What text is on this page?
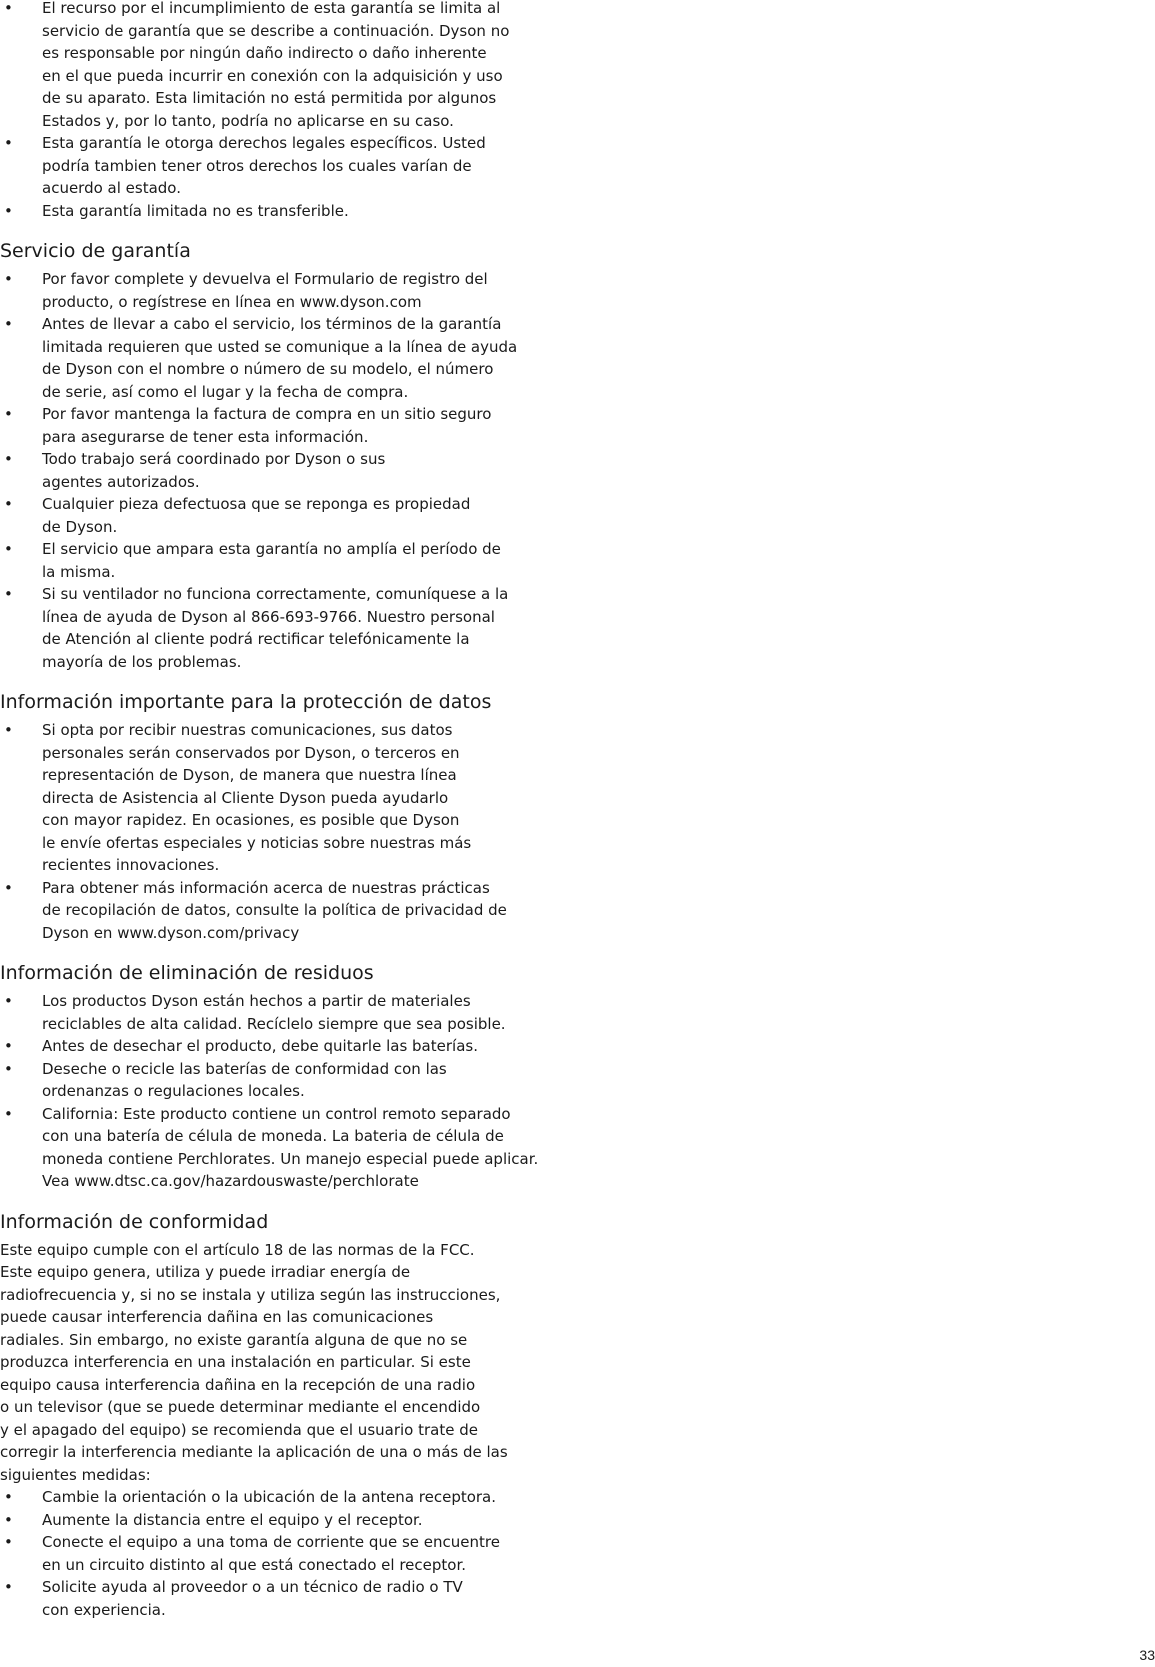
• El recurso por el incumplimiento de esta garantía se limita al
servicio de garantía que se describe a continuación. Dyson no
es responsable por ningún daño indirecto o daño inherente
en el que pueda incurrir en conexión con la adquisición y uso
de su aparato. Esta limitación no está permitida por algunos
Estados y, por lo tanto, podría no aplicarse en su caso.
• Esta garantía le otorga derechos legales específicos. Usted
podría tambien tener otros derechos los cuales varían de
acuerdo al estado.
• Esta garantía limitada no es transferible.
Servicio de garantía
• Por favor complete y devuelva el Formulario de registro del
producto, o regístrese en línea en www.dyson.com
• Antes de llevar a cabo el servicio, los términos de la garantía
limitada requieren que usted se comunique a la línea de ayuda
de Dyson con el nombre o número de su modelo, el número
de serie, así como el lugar y la fecha de compra.
• Por favor mantenga la factura de compra en un sitio seguro
para asegurarse de tener esta información.
• Todo trabajo será coordinado por Dyson o sus
agentes autorizados.
• Cualquier pieza defectuosa que se reponga es propiedad
de Dyson.
• El servicio que ampara esta garantía no amplía el período de
la misma.
• Si su ventilador no funciona correctamente, comuníquese a la
línea de ayuda de Dyson al 866-693-9766. Nuestro personal
de Atención al cliente podrá rectificar telefónicamente la
mayoría de los problemas.
Información importante para la protección de datos
• Si opta por recibir nuestras comunicaciones, sus datos
personales serán conservados por Dyson, o terceros en
representación de Dyson, de manera que nuestra línea
directa de Asistencia al Cliente Dyson pueda ayudarlo
con mayor rapidez. En ocasiones, es posible que Dyson
le envíe ofertas especiales y noticias sobre nuestras más
recientes innovaciones.
• Para obtener más información acerca de nuestras prácticas
de recopilación de datos, consulte la política de privacidad de
Dyson en www.dyson.com/privacy
Información de eliminación de residuos
• Los productos Dyson están hechos a partir de materiales
reciclables de alta calidad. Recíclelo siempre que sea posible.
• Antes de desechar el producto, debe quitarle las baterías.
• Deseche o recicle las baterías de conformidad con las
ordenanzas o regulaciones locales.
• California: Este producto contiene un control remoto separado
con una batería de célula de moneda. La bateria de célula de
moneda contiene Perchlorates. Un manejo especial puede aplicar.
Vea www.dtsc.ca.gov/hazardouswaste/perchlorate
Información de conformidad

Este equipo cumple con el artículo 18 de las normas de la FCC.
Este equipo genera, utiliza y puede irradiar energía de
radiofrecuencia y, si no se instala y utiliza según las instrucciones,
puede causar interferencia dañina en las comunicaciones
radiales. Sin embargo, no existe garantía alguna de que no se
produzca interferencia en una instalación en particular. Si este
equipo causa interferencia dañina en la recepción de una radio
o un televisor (que se puede determinar mediante el encendido
y el apagado del equipo) se recomienda que el usuario trate de
corregir la interferencia mediante la aplicación de una o más de las
siguientes medidas:

• Cambie la orientación o la ubicación de la antena receptora.
• Aumente la distancia entre el equipo y el receptor.
• Conecte el equipo a una toma de corriente que se encuentre
en un circuito distinto al que está conectado el receptor.
• Solicite ayuda al proveedor o a un técnico de radio o TV
con experiencia.
33
